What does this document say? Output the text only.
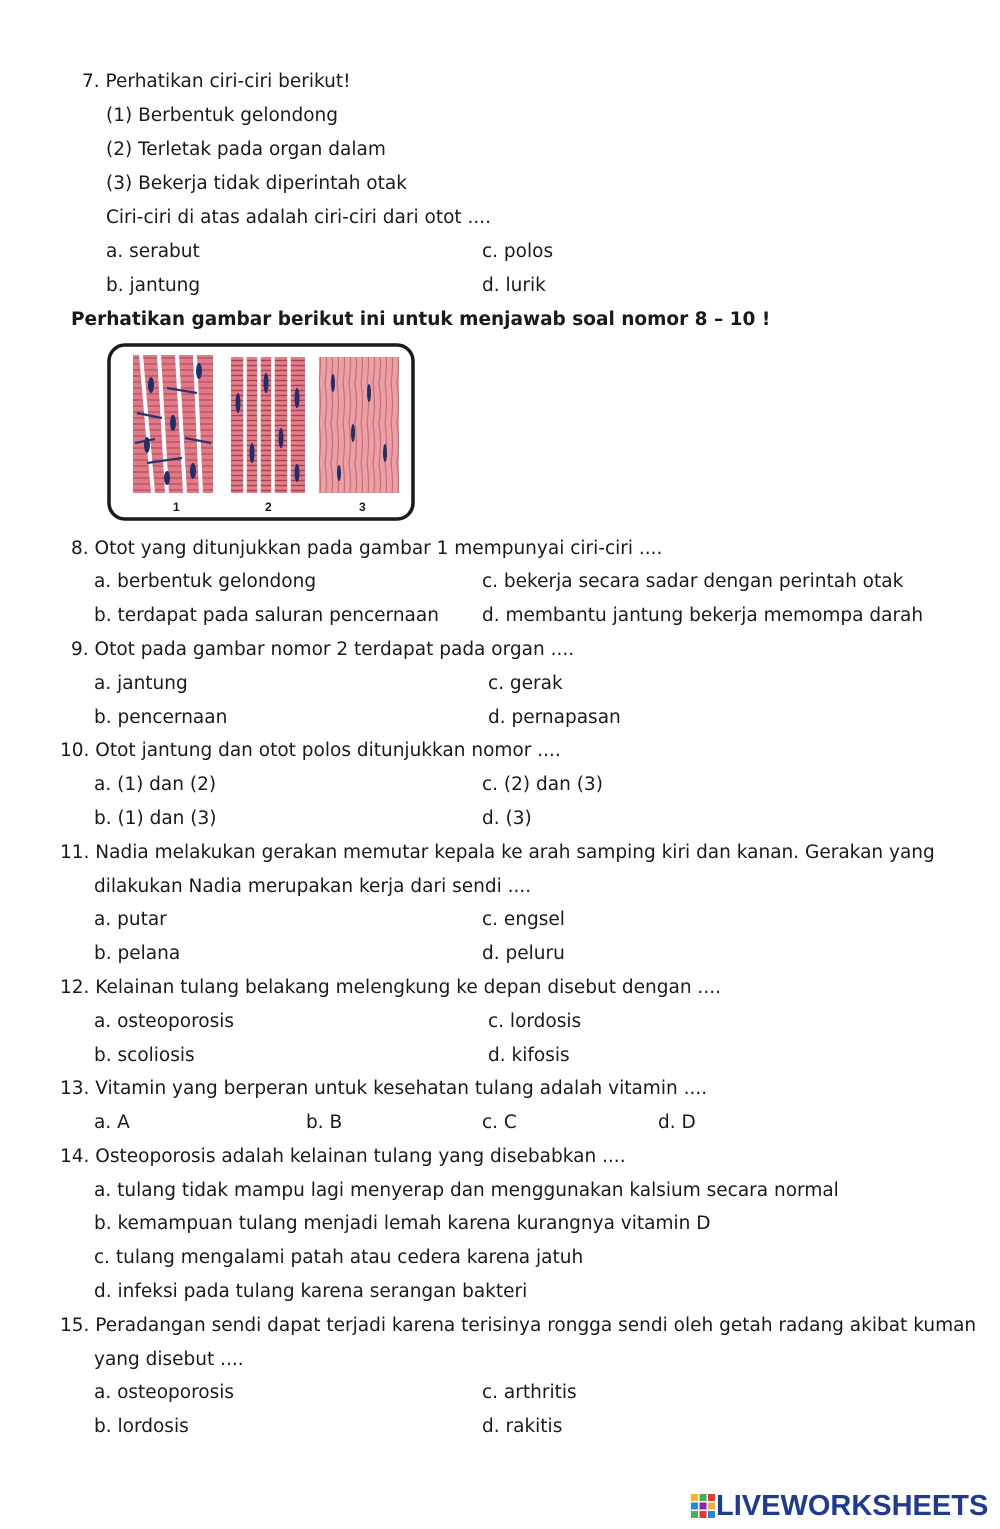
7. Perhatikan ciri-ciri berikut!
(1) Berbentuk gelondong
(2) Terletak pada organ dalam
(3) Bekerja tidak diperintah otak
Ciri-ciri di atas adalah ciri-ciri dari otot ....
a. serabut	c. polos
b. jantung	d. lurik
Perhatikan gambar berikut ini untuk menjawab soal nomor 8 – 10 !
1	2	3
8. Otot yang ditunjukkan pada gambar 1 mempunyai ciri-ciri ....
a. berbentuk gelondong	c. bekerja secara sadar dengan perintah otak
b. terdapat pada saluran pencernaan d. membantu jantung bekerja memompa darah
9. Otot pada gambar nomor 2 terdapat pada organ ....
a. jantung	c. gerak
b. pencernaan	d. pernapasan
10. Otot jantung dan otot polos ditunjukkan nomor ....
a. (1) dan (2)	c. (2) dan (3)
b. (1) dan (3)	d. (3)
11. Nadia melakukan gerakan memutar kepala ke arah samping kiri dan kanan. Gerakan yang
dilakukan Nadia merupakan kerja dari sendi ....
a. putar	c. engsel
b. pelana	d. peluru
12. Kelainan tulang belakang melengkung ke depan disebut dengan ....
a. osteoporosis	c. lordosis
b. scoliosis	d. kifosis
13. Vitamin yang berperan untuk kesehatan tulang adalah vitamin ....
a. A	b. B	c. C	d. D
14. Osteoporosis adalah kelainan tulang yang disebabkan ....
a. tulang tidak mampu lagi menyerap dan menggunakan kalsium secara normal
b. kemampuan tulang menjadi lemah karena kurangnya vitamin D
c. tulang mengalami patah atau cedera karena jatuh
d. infeksi pada tulang karena serangan bakteri
15. Peradangan sendi dapat terjadi karena terisinya rongga sendi oleh getah radang akibat kuman
yang disebut ....
a. osteoporosis	c. arthritis
b. lordosis	d. rakitis
LIVEWORKSHEETS
